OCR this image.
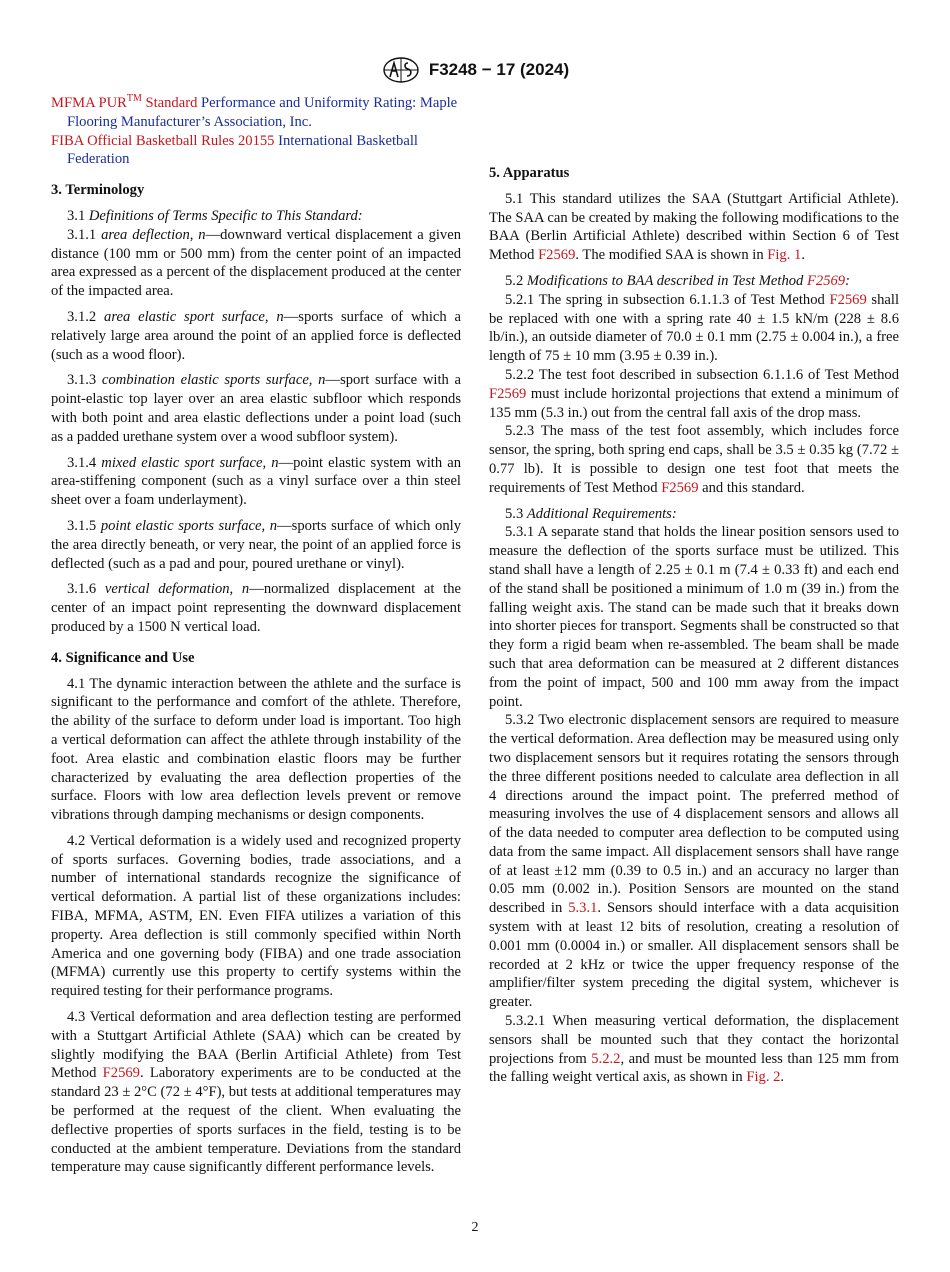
F3248 − 17 (2024)

MFMA PUR™ Standard Performance and Uniformity Rating: Maple Flooring Manufacturer’s Association, Inc.

FIBA Official Basketball Rules 20155 International Basketball Federation

3. Terminology

3.1 Definitions of Terms Specific to This Standard:

3.1.1 area deflection, n—downward vertical displacement a given distance (100 mm or 500 mm) from the center point of an impacted area expressed as a percent of the displacement produced at the center of the impacted area.

3.1.2 area elastic sport surface, n—sports surface of which a relatively large area around the point of an applied force is deflected (such as a wood floor).

3.1.3 combination elastic sports surface, n—sport surface with a point-elastic top layer over an area elastic subfloor which responds with both point and area elastic deflections under a point load (such as a padded urethane system over a wood subfloor system).

3.1.4 mixed elastic sport surface, n—point elastic system with an area-stiffening component (such as a vinyl surface over a thin steel sheet over a foam underlayment).

3.1.5 point elastic sports surface, n—sports surface of which only the area directly beneath, or very near, the point of an applied force is deflected (such as a pad and pour, poured urethane or vinyl).

3.1.6 vertical deformation, n—normalized displacement at the center of an impact point representing the downward displacement produced by a 1500 N vertical load.

4. Significance and Use

4.1 The dynamic interaction between the athlete and the surface is significant to the performance and comfort of the athlete. Therefore, the ability of the surface to deform under load is important. Too high a vertical deformation can affect the athlete through instability of the foot. Area elastic and combination elastic floors may be further characterized by evaluating the area deflection properties of the surface. Floors with low area deflection levels prevent or remove vibrations through damping mechanisms or design components.

4.2 Vertical deformation is a widely used and recognized property of sports surfaces. Governing bodies, trade associations, and a number of international standards recognize the significance of vertical deformation. A partial list of these organizations includes: FIBA, MFMA, ASTM, EN. Even FIFA utilizes a variation of this property. Area deflection is still commonly specified within North America and one governing body (FIBA) and one trade association (MFMA) currently use this property to certify systems within the required testing for their performance programs.

4.3 Vertical deformation and area deflection testing are performed with a Stuttgart Artificial Athlete (SAA) which can be created by slightly modifying the BAA (Berlin Artificial Athlete) from Test Method F2569. Laboratory experiments are to be conducted at the standard 23 ± 2°C (72 ± 4°F), but tests at additional temperatures may be performed at the request of the client. When evaluating the deflective properties of sports surfaces in the field, testing is to be conducted at the ambient temperature. Deviations from the standard temperature may cause significantly different performance levels.

5. Apparatus

5.1 This standard utilizes the SAA (Stuttgart Artificial Athlete). The SAA can be created by making the following modifications to the BAA (Berlin Artificial Athlete) described within Section 6 of Test Method F2569. The modified SAA is shown in Fig. 1.

5.2 Modifications to BAA described in Test Method F2569:

5.2.1 The spring in subsection 6.1.1.3 of Test Method F2569 shall be replaced with one with a spring rate 40 ± 1.5 kN/m (228 ± 8.6 lb/in.), an outside diameter of 70.0 ± 0.1 mm (2.75 ± 0.004 in.), a free length of 75 ± 10 mm (3.95 ± 0.39 in.).

5.2.2 The test foot described in subsection 6.1.1.6 of Test Method F2569 must include horizontal projections that extend a minimum of 135 mm (5.3 in.) out from the central fall axis of the drop mass.

5.2.3 The mass of the test foot assembly, which includes force sensor, the spring, both spring end caps, shall be 3.5 ± 0.35 kg (7.72 ± 0.77 lb). It is possible to design one test foot that meets the requirements of Test Method F2569 and this standard.

5.3 Additional Requirements:

5.3.1 A separate stand that holds the linear position sensors used to measure the deflection of the sports surface must be utilized. This stand shall have a length of 2.25 ± 0.1 m (7.4 ± 0.33 ft) and each end of the stand shall be positioned a minimum of 1.0 m (39 in.) from the falling weight axis. The stand can be made such that it breaks down into shorter pieces for transport. Segments shall be constructed so that they form a rigid beam when re-assembled. The beam shall be made such that area deformation can be measured at 2 different distances from the point of impact, 500 and 100 mm away from the impact point.

5.3.2 Two electronic displacement sensors are required to measure the vertical deformation. Area deflection may be measured using only two displacement sensors but it requires rotating the sensors through the three different positions needed to calculate area deflection in all 4 directions around the impact point. The preferred method of measuring involves the use of 4 displacement sensors and allows all of the data needed to computer area deflection to be computed using data from the same impact. All displacement sensors shall have range of at least ±12 mm (0.39 to 0.5 in.) and an accuracy no larger than 0.05 mm (0.002 in.). Position Sensors are mounted on the stand described in 5.3.1. Sensors should interface with a data acquisition system with at least 12 bits of resolution, creating a resolution of 0.001 mm (0.0004 in.) or smaller. All displacement sensors shall be recorded at 2 kHz or twice the upper frequency response of the amplifier/filter system preceding the digital system, whichever is greater.

5.3.2.1 When measuring vertical deformation, the displacement sensors shall be mounted such that they contact the horizontal projections from 5.2.2, and must be mounted less than 125 mm from the falling weight vertical axis, as shown in Fig. 2.

2
